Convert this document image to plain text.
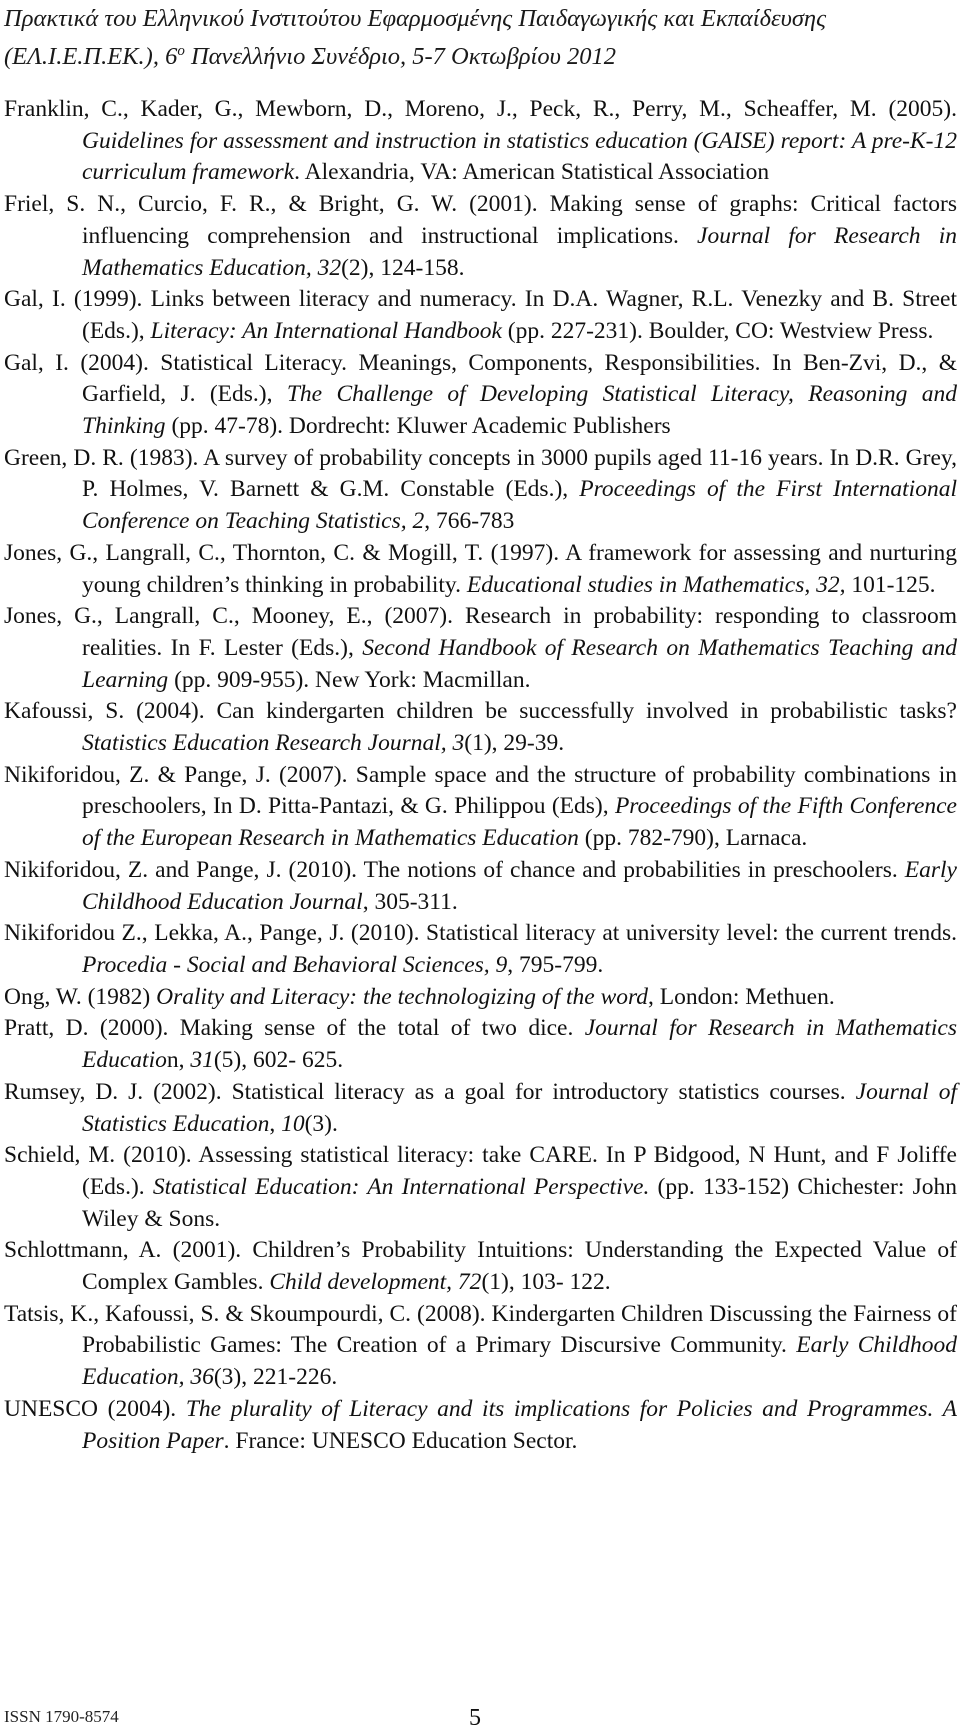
Πρακτικά του Ελληνικού Ινστιτούτου Εφαρμοσμένης Παιδαγωγικής και Εκπαίδευσης
(ΕΛ.Ι.Ε.Π.ΕΚ.), $6^o$ Πανελλήνιο Συνέδριο, 5-7 Οκτωβρίου 2012

Franklin, C., Kader, G., Mewborn, D., Moreno, J., Peck, R., Perry, M., Scheaffer, M. (2005). Guidelines for assessment and instruction in statistics education (GAISE) report: A pre-K-12 curriculum framework. Alexandria, VA: American Statistical Association

Friel, S. N., Curcio, F. R., & Bright, G. W. (2001). Making sense of graphs: Critical factors influencing comprehension and instructional implications. Journal for Research in Mathematics Education, 32(2), 124-158.

Gal, I. (1999). Links between literacy and numeracy. In D.A. Wagner, R.L. Venezky and B. Street (Eds.), Literacy: An International Handbook (pp. 227-231). Boulder, CO: Westview Press.

Gal, I. (2004). Statistical Literacy. Meanings, Components, Responsibilities. In Ben-Zvi, D., & Garfield, J. (Eds.), The Challenge of Developing Statistical Literacy, Reasoning and Thinking (pp. 47-78). Dordrecht: Kluwer Academic Publishers

Green, D. R. (1983). A survey of probability concepts in 3000 pupils aged 11-16 years. In D.R. Grey, P. Holmes, V. Barnett & G.M. Constable (Eds.), Proceedings of the First International Conference on Teaching Statistics, 2, 766-783

Jones, G., Langrall, C., Thornton, C. & Mogill, T. (1997). A framework for assessing and nurturing young children’s thinking in probability. Educational studies in Mathematics, 32, 101-125.

Jones, G., Langrall, C., Mooney, E., (2007). Research in probability: responding to classroom realities. In F. Lester (Eds.), Second Handbook of Research on Mathematics Teaching and Learning (pp. 909-955). New York: Macmillan.

Kafoussi, S. (2004). Can kindergarten children be successfully involved in probabilistic tasks? Statistics Education Research Journal, 3(1), 29-39.

Nikiforidou, Z. & Pange, J. (2007). Sample space and the structure of probability combinations in preschoolers, In D. Pitta-Pantazi, & G. Philippou (Eds), Proceedings of the Fifth Conference of the European Research in Mathematics Education (pp. 782-790), Larnaca.

Nikiforidou, Z. and Pange, J. (2010). The notions of chance and probabilities in preschoolers. Early Childhood Education Journal, 305-311.

Nikiforidou Z., Lekka, A., Pange, J. (2010). Statistical literacy at university level: the current trends. Procedia - Social and Behavioral Sciences, 9, 795-799.

Ong, W. (1982) Orality and Literacy: the technologizing of the word, London: Methuen.

Pratt, D. (2000). Making sense of the total of two dice. Journal for Research in Mathematics Education, 31(5), 602- 625.

Rumsey, D. J. (2002). Statistical literacy as a goal for introductory statistics courses. Journal of Statistics Education, 10(3).

Schield, M. (2010). Assessing statistical literacy: take CARE. In P Bidgood, N Hunt, and F Joliffe (Eds.). Statistical Education: An International Perspective. (pp. 133-152) Chichester: John Wiley & Sons.

Schlottmann, A. (2001). Children’s Probability Intuitions: Understanding the Expected Value of Complex Gambles. Child development, 72(1), 103- 122.

Tatsis, K., Kafoussi, S. & Skoumpourdi, C. (2008). Kindergarten Children Discussing the Fairness of Probabilistic Games: The Creation of a Primary Discursive Community. Early Childhood Education, 36(3), 221-226.

UNESCO (2004). The plurality of Literacy and its implications for Policies and Programmes. A Position Paper. France: UNESCO Education Sector.

ISSN 1790-8574	5
